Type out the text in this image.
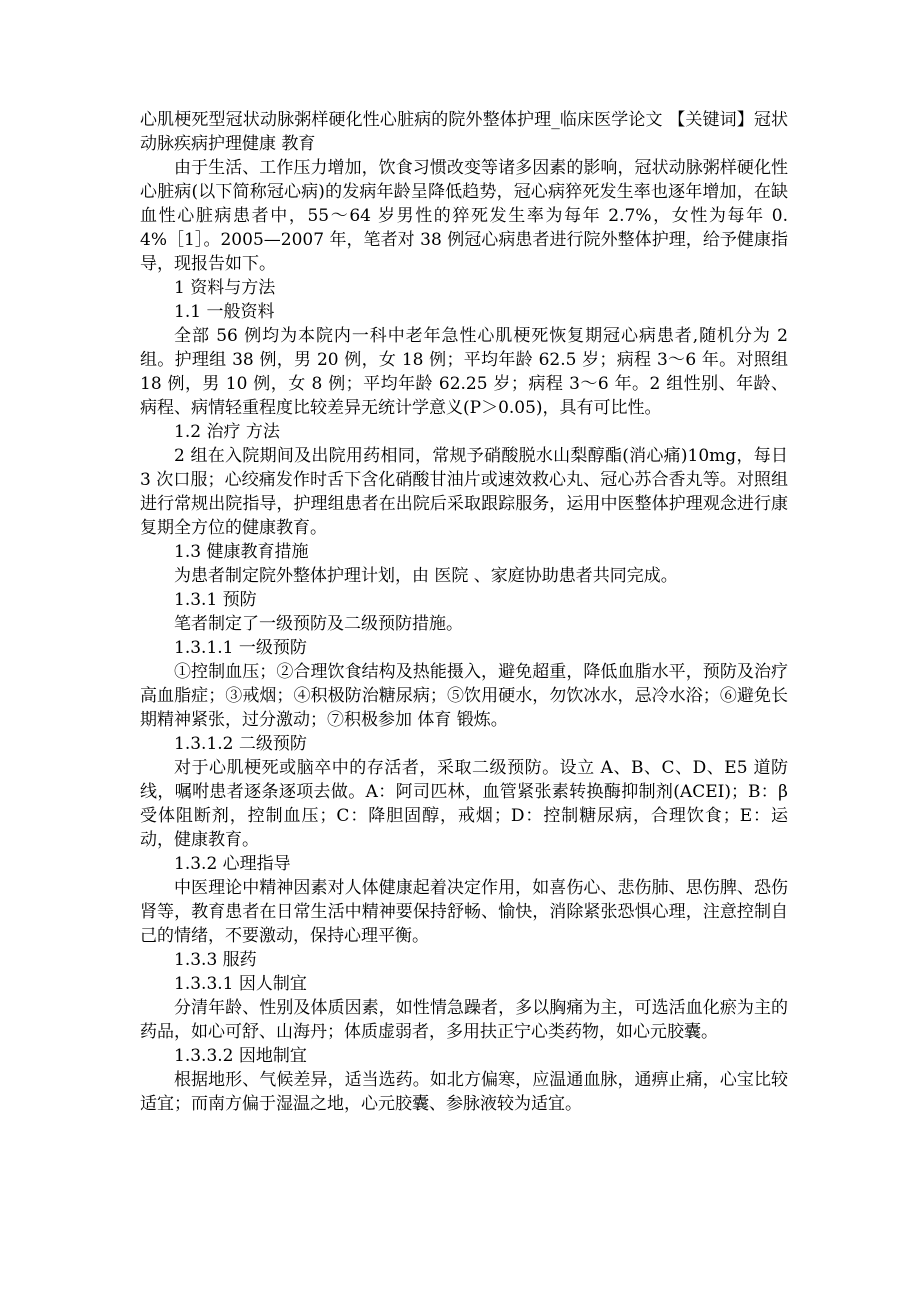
心肌梗死型冠状动脉粥样硬化性心脏病的院外整体护理_临床医学论文 【关键词】冠状动脉疾病护理健康 教育

由于生活、工作压力增加，饮食习惯改变等诸多因素的影响，冠状动脉粥样硬化性心脏病(以下简称冠心病)的发病年龄呈降低趋势，冠心病猝死发生率也逐年增加，在缺血性心脏病患者中，55～64 岁男性的猝死发生率为每年 2.7%，女性为每年 0.4%［1］。2005—2007 年，笔者对 38 例冠心病患者进行院外整体护理，给予健康指导，现报告如下。

1 资料与方法

1.1 一般资料

全部 56 例均为本院内一科中老年急性心肌梗死恢复期冠心病患者,随机分为 2 组。护理组 38 例，男 20 例，女 18 例；平均年龄 62.5 岁；病程 3～6 年。对照组 18 例，男 10 例，女 8 例；平均年龄 62.25 岁；病程 3～6 年。2 组性别、年龄、病程、病情轻重程度比较差异无统计学意义(P＞0.05)，具有可比性。

1.2 治疗 方法

2 组在入院期间及出院用药相同，常规予硝酸脱水山梨醇酯(消心痛)10mg，每日 3 次口服；心绞痛发作时舌下含化硝酸甘油片或速效救心丸、冠心苏合香丸等。对照组进行常规出院指导，护理组患者在出院后采取跟踪服务，运用中医整体护理观念进行康复期全方位的健康教育。

1.3 健康教育措施

为患者制定院外整体护理计划，由 医院 、家庭协助患者共同完成。

1.3.1 预防

笔者制定了一级预防及二级预防措施。

1.3.1.1 一级预防

①控制血压；②合理饮食结构及热能摄入，避免超重，降低血脂水平，预防及治疗高血脂症；③戒烟；④积极防治糖尿病；⑤饮用硬水，勿饮冰水，忌冷水浴；⑥避免长期精神紧张，过分激动；⑦积极参加 体育 锻炼。

1.3.1.2 二级预防

对于心肌梗死或脑卒中的存活者，采取二级预防。设立 A、B、C、D、E5 道防线，嘱咐患者逐条逐项去做。A：阿司匹林，血管紧张素转换酶抑制剂(ACEI)；B：β 受体阻断剂，控制血压；C：降胆固醇，戒烟；D：控制糖尿病，合理饮食；E：运动，健康教育。

1.3.2 心理指导

中医理论中精神因素对人体健康起着决定作用，如喜伤心、悲伤肺、思伤脾、恐伤肾等，教育患者在日常生活中精神要保持舒畅、愉快，消除紧张恐惧心理，注意控制自己的情绪，不要激动，保持心理平衡。

1.3.3 服药

1.3.3.1 因人制宜

分清年龄、性别及体质因素，如性情急躁者，多以胸痛为主，可选活血化瘀为主的药品，如心可舒、山海丹；体质虚弱者，多用扶正宁心类药物，如心元胶囊。

1.3.3.2 因地制宜

根据地形、气候差异，适当选药。如北方偏寒，应温通血脉，通痹止痛，心宝比较适宜；而南方偏于湿温之地，心元胶囊、参脉液较为适宜。
